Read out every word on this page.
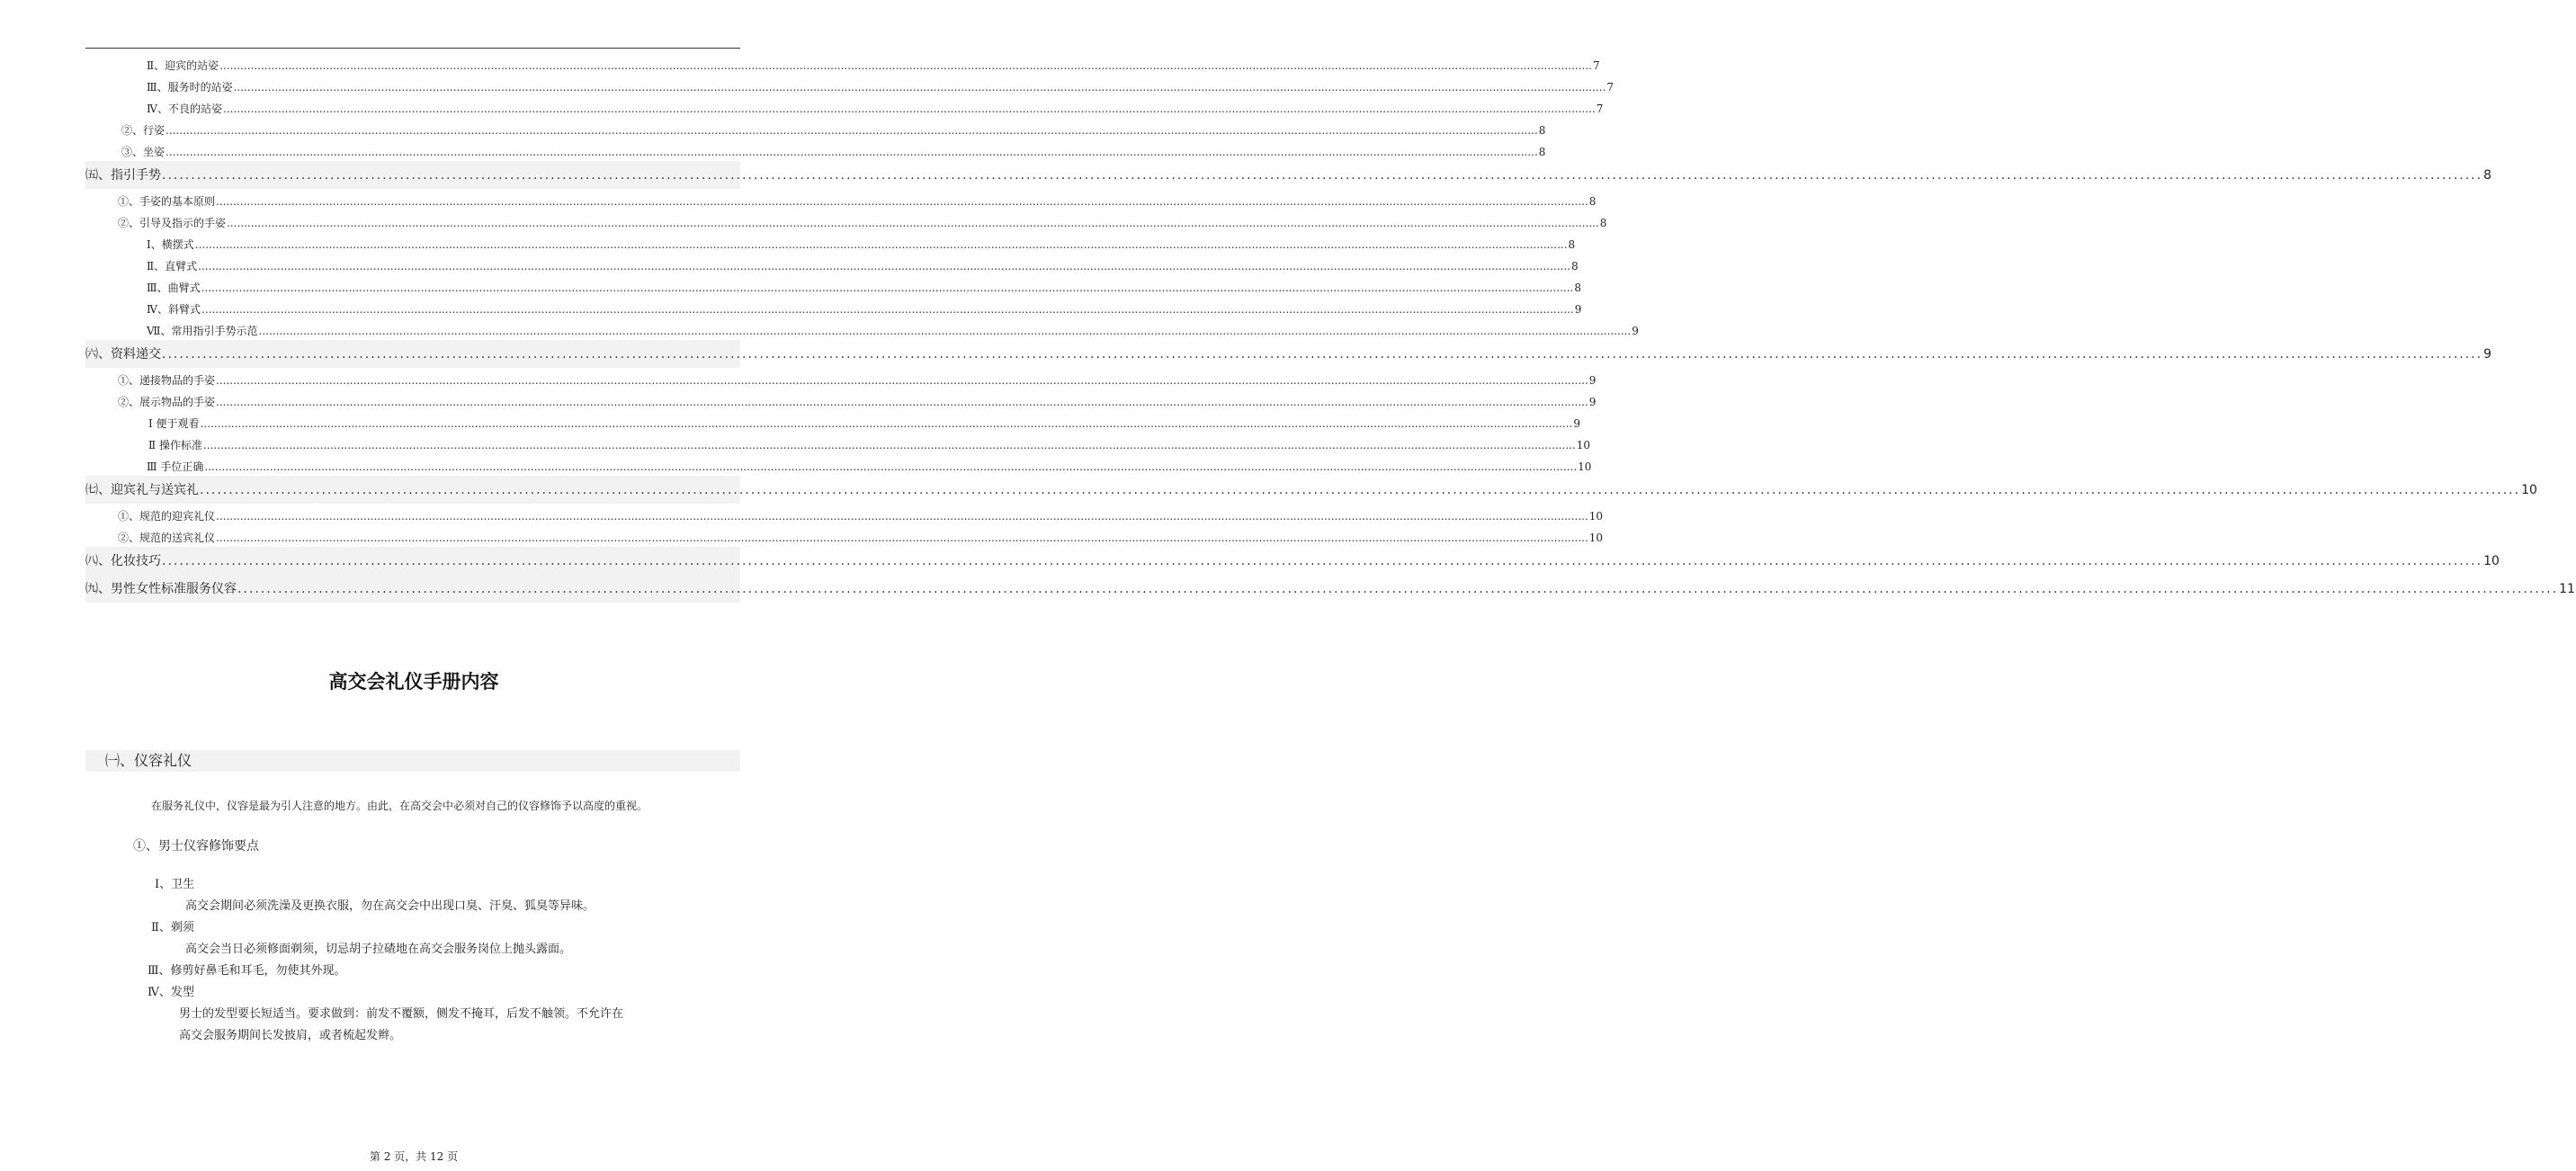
Ⅱ、迎宾的站姿 ................................................................................................................................................................................................................................................................................................................................................................................................................ 7
Ⅲ、服务时的站姿 ................................................................................................................................................................................................................................................................................................................................................................................................................ 7
Ⅳ、不良的站姿 ................................................................................................................................................................................................................................................................................................................................................................................................................ 7
②、行姿 ................................................................................................................................................................................................................................................................................................................................................................................................................ 8
③、坐姿 ................................................................................................................................................................................................................................................................................................................................................................................................................ 8
㈤、指引手势 ................................................................................................................................................................................................................................................................................................................................................................................................................ 8
①、手姿的基本原则 ................................................................................................................................................................................................................................................................................................................................................................................................................ 8
②、引导及指示的手姿 ................................................................................................................................................................................................................................................................................................................................................................................................................ 8
Ⅰ、横摆式 ................................................................................................................................................................................................................................................................................................................................................................................................................ 8
Ⅱ、直臂式 ................................................................................................................................................................................................................................................................................................................................................................................................................ 8
Ⅲ、曲臂式 ................................................................................................................................................................................................................................................................................................................................................................................................................ 8
Ⅳ、斜臂式 ................................................................................................................................................................................................................................................................................................................................................................................................................ 9
Ⅶ、常用指引手势示范 ................................................................................................................................................................................................................................................................................................................................................................................................................ 9
㈥、资料递交 ................................................................................................................................................................................................................................................................................................................................................................................................................ 9
①、递接物品的手姿 ................................................................................................................................................................................................................................................................................................................................................................................................................ 9
②、展示物品的手姿 ................................................................................................................................................................................................................................................................................................................................................................................................................ 9
Ⅰ 便于观看 ................................................................................................................................................................................................................................................................................................................................................................................................................ 9
Ⅱ 操作标准 ................................................................................................................................................................................................................................................................................................................................................................................................................ 10
Ⅲ 手位正确 ................................................................................................................................................................................................................................................................................................................................................................................................................ 10
㈦、迎宾礼与送宾礼 ................................................................................................................................................................................................................................................................................................................................................................................................................ 10
①、规范的迎宾礼仪 ................................................................................................................................................................................................................................................................................................................................................................................................................ 10
②、规范的送宾礼仪 ................................................................................................................................................................................................................................................................................................................................................................................................................ 10
㈧、化妆技巧 ................................................................................................................................................................................................................................................................................................................................................................................................................ 10
㈨、男性女性标准服务仪容 ................................................................................................................................................................................................................................................................................................................................................................................................................ 11
高交会礼仪手册内容
㈠、仪容礼仪
在服务礼仪中，仪容是最为引人注意的地方。由此，在高交会中必须对自己的仪容修饰予以高度的重视。
①、男士仪容修饰要点
Ⅰ、卫生
高交会期间必须洗澡及更换衣服，勿在高交会中出现口臭、汗臭、狐臭等异味。
Ⅱ、剃须
高交会当日必须修面剃须，切忌胡子拉碴地在高交会服务岗位上抛头露面。
Ⅲ、修剪好鼻毛和耳毛，勿使其外现。
Ⅳ、发型
男士的发型要长短适当。要求做到：前发不覆额，侧发不掩耳，后发不触领。不允许在
高交会服务期间长发披肩，或者梳起发辫。
第 2 页，共 12 页
